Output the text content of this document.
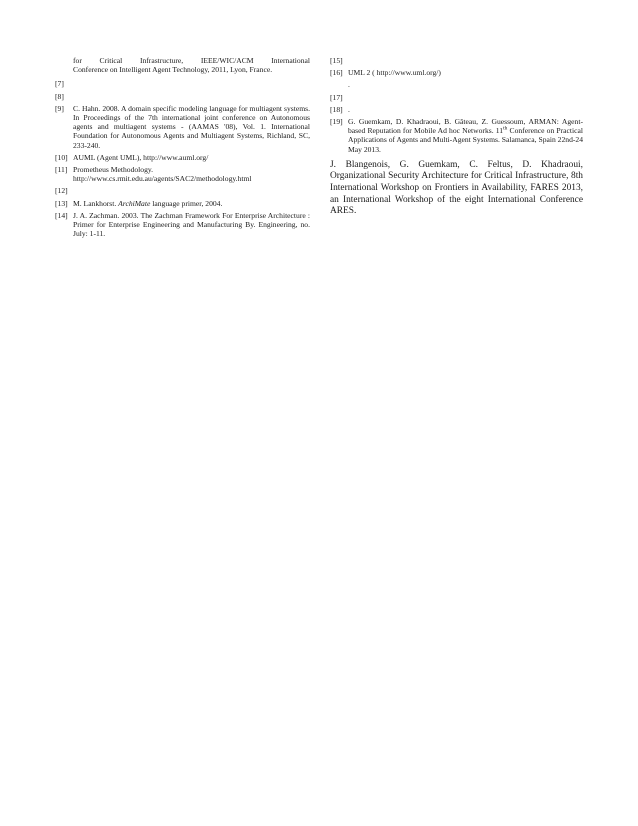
for Critical Infrastructure, IEEE/WIC/ACM International
Conference on Intelligent Agent Technology, 2011, Lyon, France.
[7]
[8]
[9] C. Hahn. 2008. A domain specific modeling language for multiagent systems. In Proceedings of the 7th international joint conference on Autonomous agents and multiagent systems - (AAMAS '08), Vol. 1. International Foundation for Autonomous Agents and Multiagent Systems, Richland, SC, 233-240.
[10] AUML (Agent UML), http://www.auml.org/
[11] Prometheus Methodology.
http://www.cs.rmit.edu.au/agents/SAC2/methodology.html
[12]
[13] M. Lankhorst. ArchiMate language primer, 2004.
[14] J. A. Zachman. 2003. The Zachman Framework For Enterprise Architecture : Primer for Enterprise Engineering and Manufacturing By. Engineering, no. July: 1-11.
[15]
[16] UML 2 ( http://www.uml.org/)
.
[17]
[18] .
[19] G. Guemkam, D. Khadraoui, B. Gâteau, Z. Guessoum, ARMAN: Agent-based Reputation for Mobile Ad hoc Networks. 11th Conference on Practical Applications of Agents and Multi-Agent Systems. Salamanca, Spain 22nd-24 May 2013.
J. Blangenois, G. Guemkam, C. Feltus, D. Khadraoui,
Organizational Security Architecture for Critical Infrastructure, 8th International Workshop on Frontiers in Availability, FARES 2013, an International Workshop of the eight International Conference ARES.
